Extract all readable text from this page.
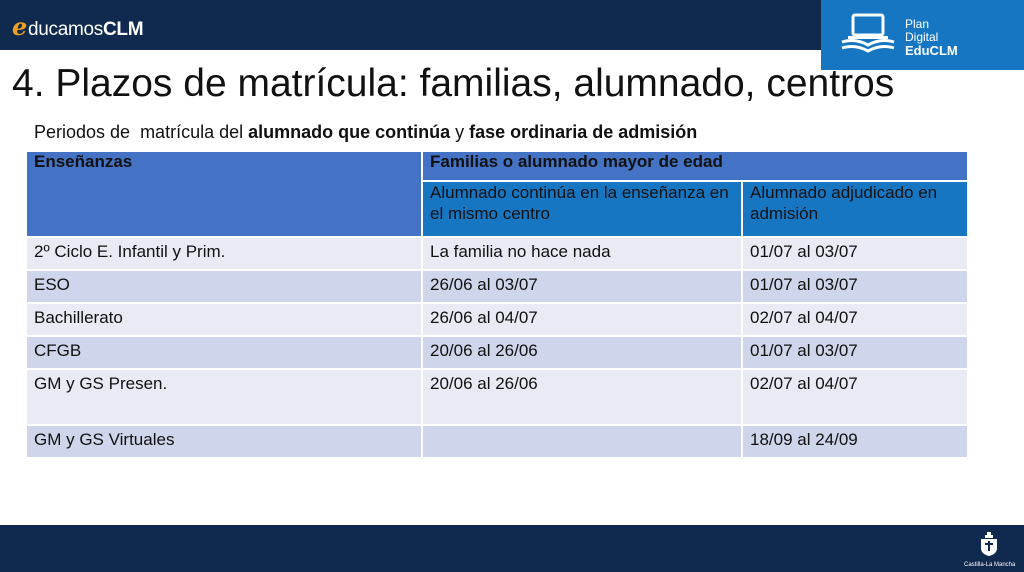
educamosCLM	Plan
Digital
EduCLM
4. Plazos de matrícula: familias, alumnado, centros
Periodos de  matrícula del alumnado que continúa y fase ordinaria de admisión
Enseñanzas	Familias o alumnado mayor de edad	
	Alumnado continúa en la enseñanza en el mismo centro	Alumnado adjudicado en admisión
2º Ciclo E. Infantil y Prim.	La familia no hace nada	01/07 al 03/07
ESO	26/06 al 03/07	01/07 al 03/07
Bachillerato	26/06 al 04/07	02/07 al 04/07
CFGB	20/06 al 26/06	01/07 al 03/07
GM y GS Presen.	20/06 al 26/06	02/07 al 04/07
GM y GS Virtuales		18/09 al 24/09
Castilla-La Mancha
